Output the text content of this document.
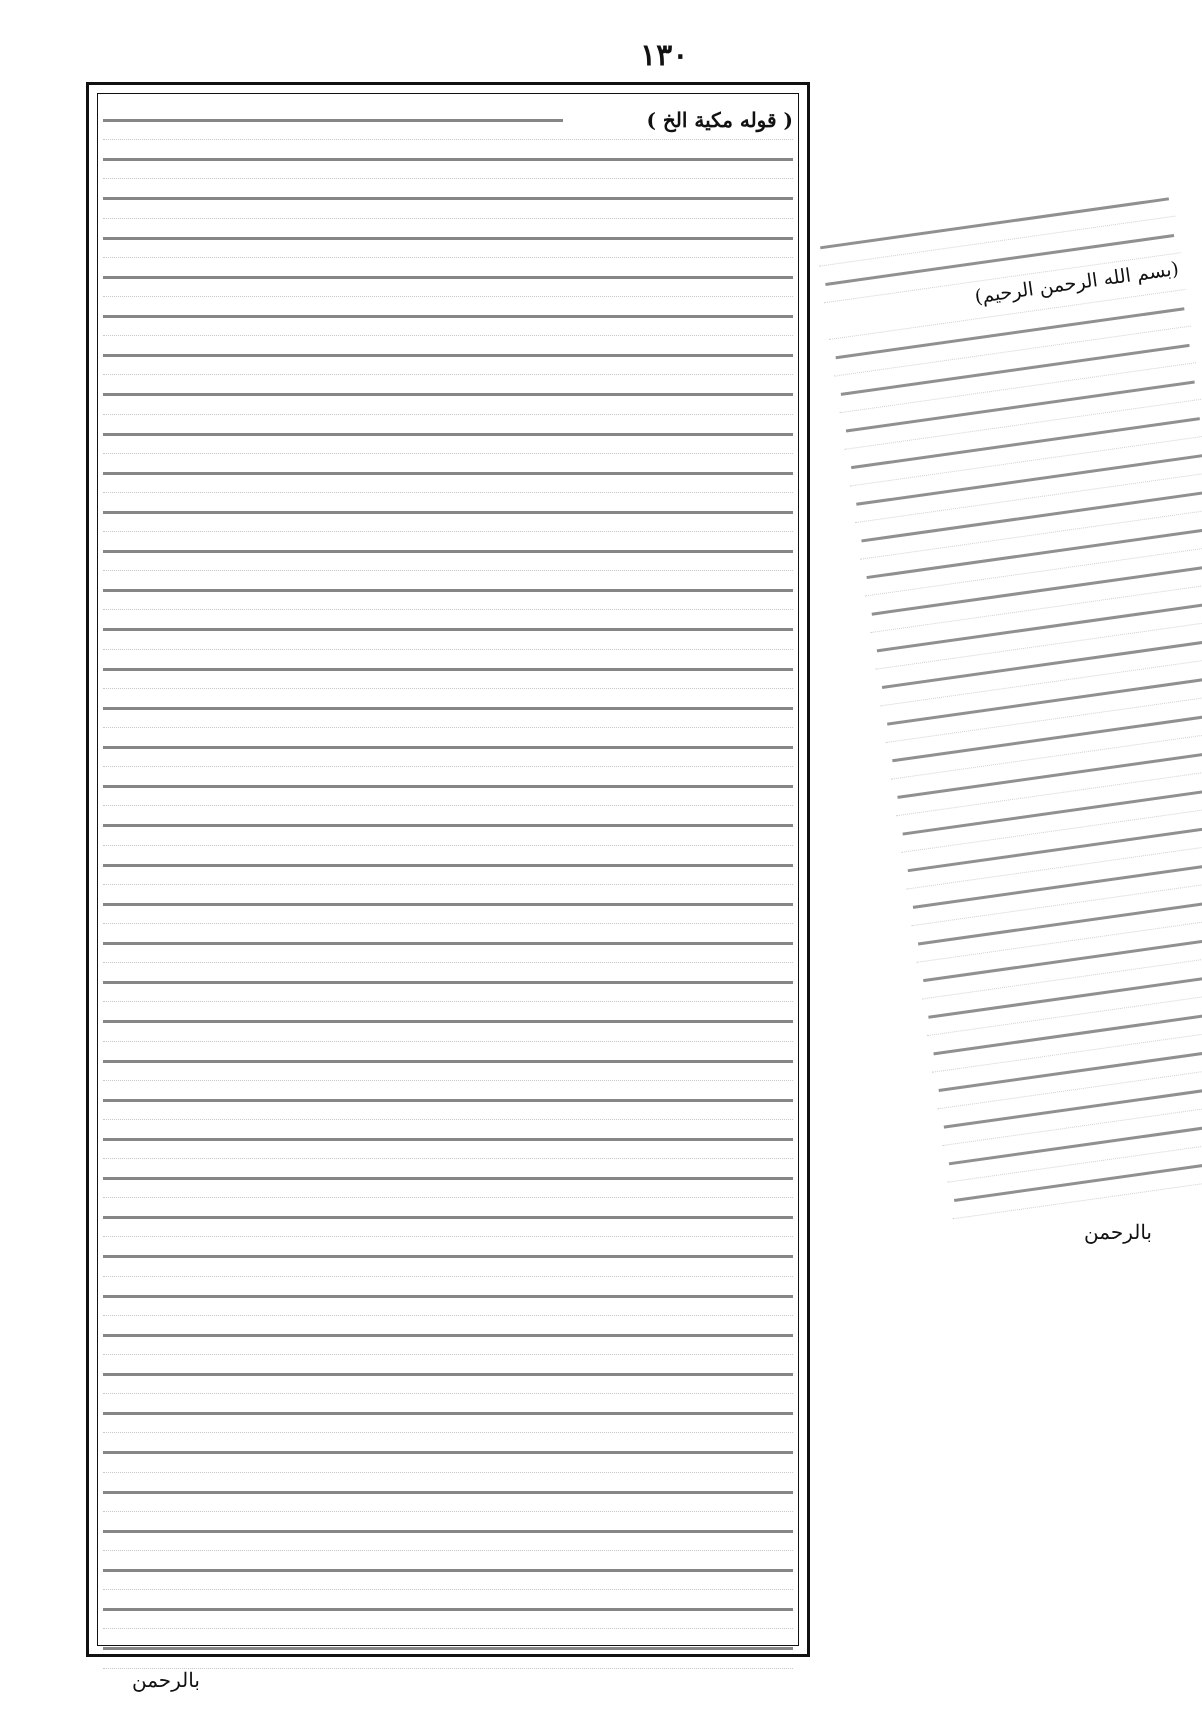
١٣٠
( قوله مكية الخ )
بالرحمن
(بسم الله الرحمن الرحيم)
بالرحمن
